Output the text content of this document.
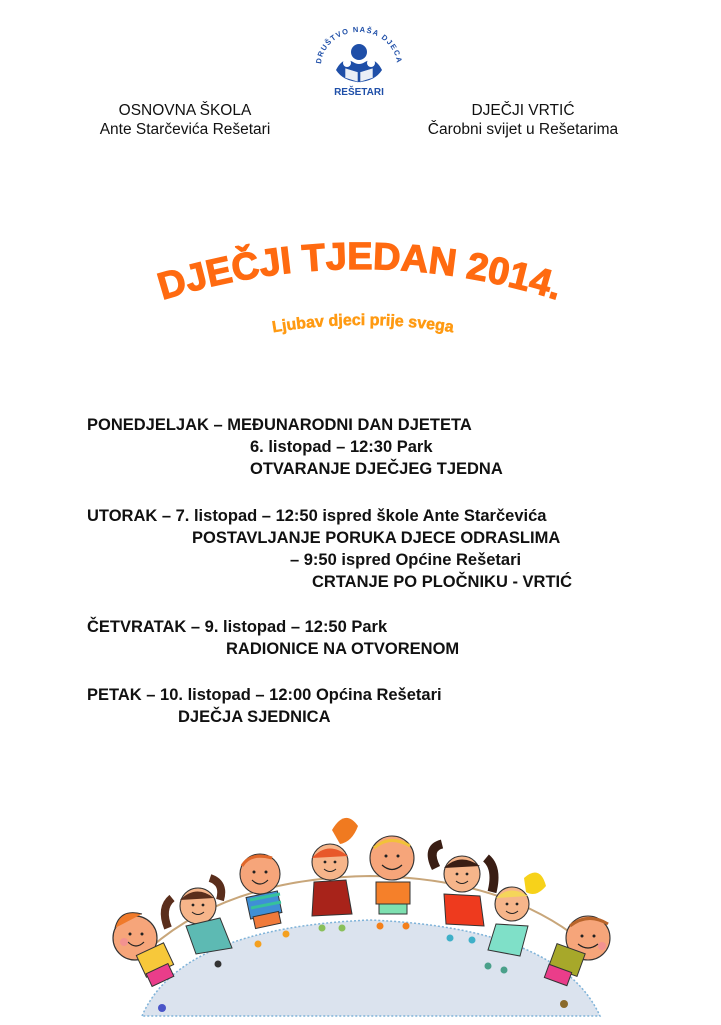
DRUŠTVO NAŠA DJECA
REŠETARI
OSNOVNA ŠKOLA
Ante Starčevića Rešetari
DJEČJI VRTIĆ
Čarobni svijet u Rešetarima
DJEČJI TJEDAN 2014.
Ljubav djeci prije svega
PONEDJELJAK – MEĐUNARODNI DAN DJETETA
6. listopad – 12:30 Park
OTVARANJE DJEČJEG TJEDNA
UTORAK – 7. listopad – 12:50 ispred škole Ante Starčevića
POSTAVLJANJE PORUKA DJECE ODRASLIMA
– 9:50 ispred Općine Rešetari
CRTANJE PO PLOČNIKU - VRTIĆ
ČETVRATAK – 9. listopad – 12:50 Park
RADIONICE NA OTVORENOM
PETAK – 10. listopad – 12:00 Općina Rešetari
DJEČJA SJEDNICA
